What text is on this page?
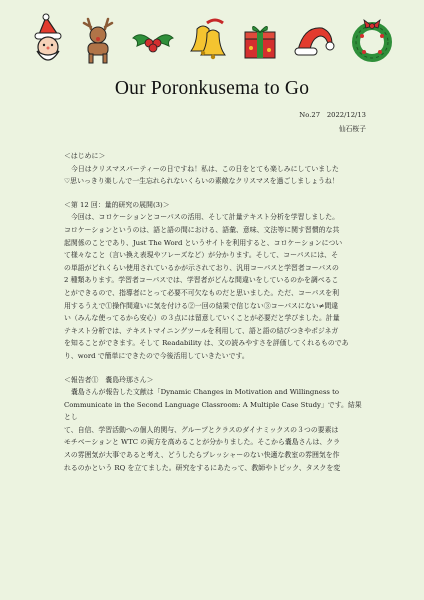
Our Poronkusema to Go
No.27　2022/12/13
仙石桜子
＜はじめに＞
今日はクリスマスパーティーの日ですね！私は、この日をとても楽しみにしていました
♡思いっきり楽しんで一生忘れられないくらいの素敵なクリスマスを過ごしましょうね！
＜第 12 回：量的研究の展開(3)＞
今回は、コロケーションとコーパスの活用、そして計量テキスト分析を学習しました。
コロケーションというのは、語と語の間における、語彙、意味、文法等に関す習慣的な共
起関係のことであり、Just The Word というサイトを利用すると、コロケーションについ
て様々なこと（言い換え表現やフレーズなど）が分かります。そして、コーパスには、そ
の単語がどれくらい使用されているかが示されており、汎用コーパスと学習者コーパスの
2 種類あります。学習者コーパスでは、学習者がどんな間違いをしているのかを調べるこ
とができるので、指導者にとって必要不可欠なものだと思いました。ただ、コーパスを利
用するうえで①操作間違いに気を付ける②一回の結果で信じない③コーパスにない≠間違
い（みんな使ってるから安心）の３点には留意していくことが必要だと学びました。計量
テキスト分析では、テキストマイニングツールを利用して、語と語の結びつきやポジネガ
を知ることができます。そして Readability は、文の読みやすさを評価してくれるものであ
り、word で簡単にできたので今後活用していきたいです。
＜報告者①　嚢島玲那さん＞
嚢島さんが報告した文献は「Dynamic Changes in Motivation and Willingness to
Communicate in the Second Language Classroom: A Multiple Case Study」です。結果とし
て、自信、学習活動への個人的関与、グループとクラスのダイナミックスの３つの要素は
モチベーションと WTC の両方を高めることが分かりました。そこから嚢島さんは、クラ
スの雰囲気が大事であると考え、どうしたらプレッシャーのない快適な教室の雰囲気を作
れるのかという RQ を立てました。研究をするにあたって、教師やトピック、タスクを変
